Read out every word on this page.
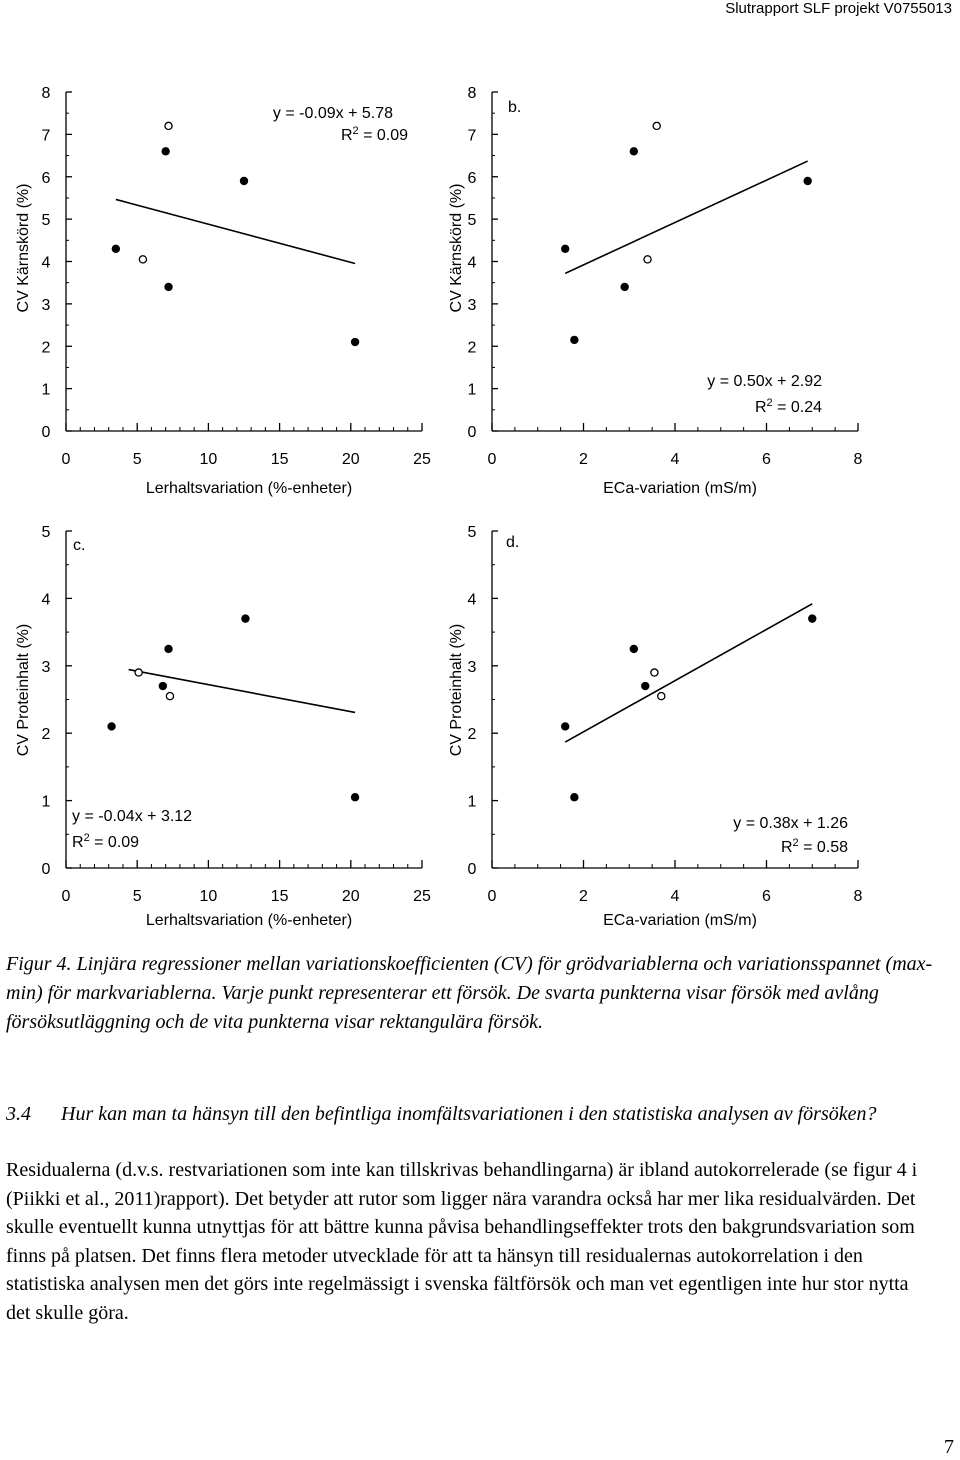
Slutrapport SLF projekt V0755013
0
1
2
3
4
5
6
7
8
0	5	10	15	20	25
CV Kärnskörd (%)
Lerhaltsvariation (%-enheter)
y = -0.09x + 5.78
$R^2 = 0.09$
0
1
2
3
4
5
6
7
8
0	2	4	6	8
CV Kärnskörd (%)
ECa-variation (mS/m)
b.
y = 0.50x + 2.92
$R^2 = 0.24$
0
1
2
3
4
5
0	5	10	15	20	25
CV Proteinhalt (%)
Lerhaltsvariation (%-enheter)
c.
y = -0.04x + 3.12
$R^2 = 0.09$
0
1
2
3
4
5
0	2	4	6	8
CV Proteinhalt (%)
ECa-variation (mS/m)
d.
y = 0.38x + 1.26
$R^2 = 0.58$
Figur 4. Linjära regressioner mellan variationskoefficienten (CV) för grödvariablerna och variationsspannet (max-min) för markvariablerna. Varje punkt representerar ett försök. De svarta punkterna visar försök med avlång försöksutläggning och de vita punkterna visar rektangulära försök.
3.4 Hur kan man ta hänsyn till den befintliga inomfältsvariationen i den statistiska analysen av försöken?
Residualerna (d.v.s. restvariationen som inte kan tillskrivas behandlingarna) är ibland autokorrelerade (se figur 4 i (Piikki et al., 2011)rapport). Det betyder att rutor som ligger nära varandra också har mer lika residualvärden. Det skulle eventuellt kunna utnyttjas för att bättre kunna påvisa behandlingseffekter trots den bakgrundsvariation som finns på platsen. Det finns flera metoder utvecklade för att ta hänsyn till residualernas autokorrelation i den statistiska analysen men det görs inte regelmässigt i svenska fältförsök och man vet egentligen inte hur stor nytta det skulle göra.
7
